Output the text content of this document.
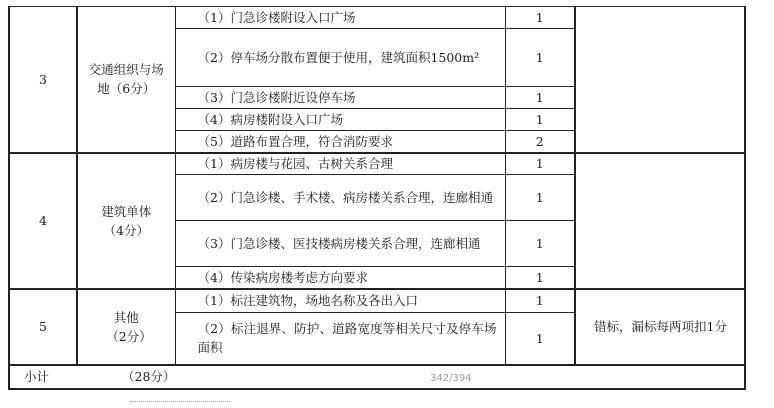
3	交通组织与场地（6分）	（1）门急诊楼附设入口广场	1	
		（2）停车场分散布置便于使用，建筑面积1500m²	1	
		（3）门急诊楼附近设停车场	1	
		（4）病房楼附设入口广场	1	
		（5）道路布置合理，符合消防要求	2	
4	建筑单体（4分）	（1）病房楼与花园、古树关系合理	1	
		（2）门急诊楼、手术楼、病房楼关系合理，连廊相通	1	
		（3）门急诊楼、医技楼病房楼关系合理，连廊相通	1	
		（4）传染病房楼考虑方向要求	1	
5	其他（2分）	（1）标注建筑物，场地名称及各出入口	1	错标，漏标每两项扣1分

		（2）标注退界、防护、道路宽度等相关尺寸及停车场面积	1	

小计 （28分） 342/394				
